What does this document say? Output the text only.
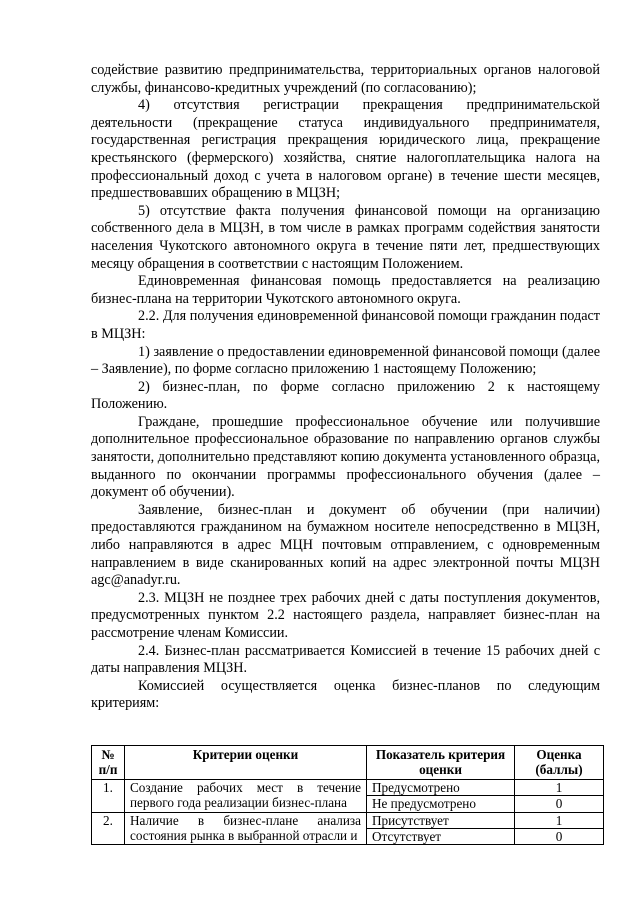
содействие развитию предпринимательства, территориальных органов налоговой службы, финансово-кредитных учреждений (по согласованию);

4) отсутствия регистрации прекращения предпринимательской деятельности (прекращение статуса индивидуального предпринимателя, государственная регистрация прекращения юридического лица, прекращение крестьянского (фермерского) хозяйства, снятие налогоплательщика налога на профессиональный доход с учета в налоговом органе) в течение шести месяцев, предшествовавших обращению в МЦЗН;

5) отсутствие факта получения финансовой помощи на организацию собственного дела в МЦЗН, в том числе в рамках программ содействия занятости населения Чукотского автономного округа в течение пяти лет, предшествующих месяцу обращения в соответствии с настоящим Положением.

Единовременная финансовая помощь предоставляется на реализацию бизнес-плана на территории Чукотского автономного округа.

2.2. Для получения единовременной финансовой помощи гражданин подаст в МЦЗН:

1) заявление о предоставлении единовременной финансовой помощи (далее – Заявление), по форме согласно приложению 1 настоящему Положению;

2) бизнес-план, по форме согласно приложению 2 к настоящему Положению.

Граждане, прошедшие профессиональное обучение или получившие дополнительное профессиональное образование по направлению органов службы занятости, дополнительно представляют копию документа установленного образца, выданного по окончании программы профессионального обучения (далее – документ об обучении).

Заявление, бизнес-план и документ об обучении (при наличии) предоставляются гражданином на бумажном носителе непосредственно в МЦЗН, либо направляются в адрес МЦН почтовым отправлением, с одновременным направлением в виде сканированных копий на адрес электронной почты МЦЗН agc@anadyr.ru.

2.3. МЦЗН не позднее трех рабочих дней с даты поступления документов, предусмотренных пунктом 2.2 настоящего раздела, направляет бизнес-план на рассмотрение членам Комиссии.

2.4. Бизнес-план рассматривается Комиссией в течение 15 рабочих дней с даты направления МЦЗН.

Комиссией осуществляется оценка бизнес-планов по следующим критериям:

№ п/п	Критерии оценки	Показатель критерия оценки	Оценка (баллы)
1.	Создание рабочих мест в течение первого года реализации бизнес-плана	Предусмотрено	1
		Не предусмотрено	0
2.	Наличие в бизнес-плане анализа состояния рынка в выбранной отрасли и	Присутствует	1
		Отсутствует	0
